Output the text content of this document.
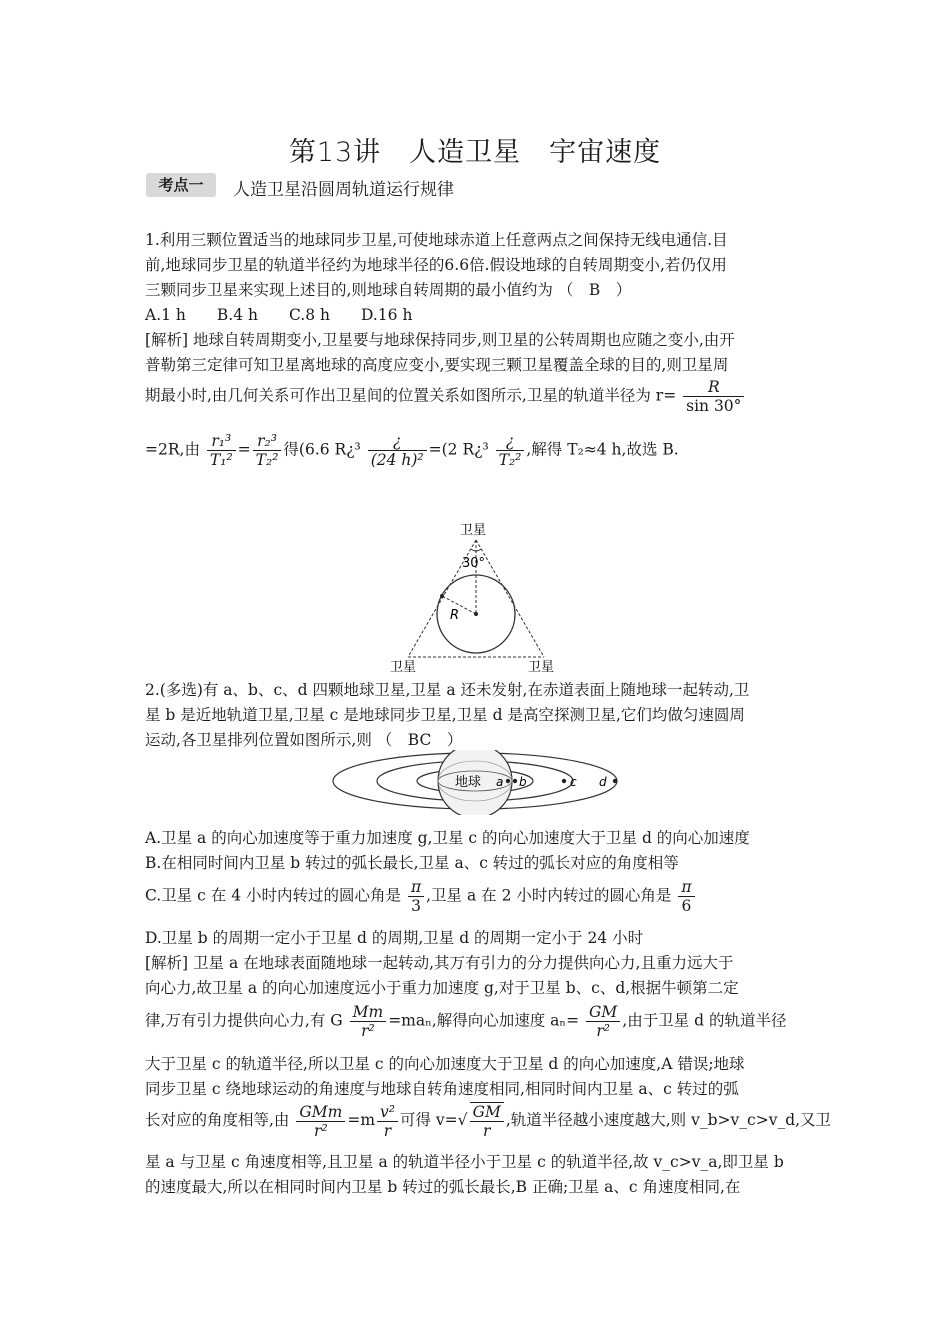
第13讲　人造卫星　宇宙速度
考点一	人造卫星沿圆周轨道运行规律
1.利用三颗位置适当的地球同步卫星,可使地球赤道上任意两点之间保持无线电通信.目
前,地球同步卫星的轨道半径约为地球半径的6.6倍.假设地球的自转周期变小,若仍仅用
三颗同步卫星来实现上述目的,则地球自转周期的最小值约为 （　B　）
A.1 h　　B.4 h　　C.8 h　　D.16 h
[解析] 地球自转周期变小,卫星要与地球保持同步,则卫星的公转周期也应随之变小,由开
普勒第三定律可知卫星离地球的高度应变小,要实现三颗卫星覆盖全球的目的,则卫星周
期最小时,由几何关系可作出卫星间的位置关系如图所示,卫星的轨道半径为 $r= \frac{R}{\sin 30^\circ}$
=2R,由 $\frac{\text{r₁³}}{\text{T₁²}} = \frac{\text{r₂³}}{\text{T₂²}}$ 得(6.6 R¿³ $\frac{¿}{\text{(24 h)²}} =(2$ R¿³ $\frac{¿}{\text{T₂²}}$ ,解得 T₂≈4 h,故选 B.
卫星
30°
R
卫星	卫星
2.(多选)有 a、b、c、d 四颗地球卫星,卫星 a 还未发射,在赤道表面上随地球一起转动,卫
星 b 是近地轨道卫星,卫星 c 是地球同步卫星,卫星 d 是高空探测卫星,它们均做匀速圆周
运动,各卫星排列位置如图所示,则 （　BC　）
地球 a b	c d
A.卫星 a 的向心加速度等于重力加速度 g,卫星 c 的向心加速度大于卫星 d 的向心加速度
B.在相同时间内卫星 b 转过的弧长最长,卫星 a、c 转过的弧长对应的角度相等
C.卫星 c 在 4 小时内转过的圆心角是 $\frac{\pi}{3}$ ,卫星 a 在 2 小时内转过的圆心角是 $\frac{\pi}{6}$
D.卫星 b 的周期一定小于卫星 d 的周期,卫星 d 的周期一定小于 24 小时
[解析] 卫星 a 在地球表面随地球一起转动,其万有引力的分力提供向心力,且重力远大于
向心力,故卫星 a 的向心加速度远小于重力加速度 g,对于卫星 b、c、d,根据牛顿第二定
律,万有引力提供向心力,有 G $\frac{Mm}{\text{r²}} =ma_n$,解得向心加速度 $a_n= \frac{GM}{\text{r²}}$ ,由于卫星 d 的轨道半径
大于卫星 c 的轨道半径,所以卫星 c 的向心加速度大于卫星 d 的向心加速度,A 错误;地球
同步卫星 c 绕地球运动的角速度与地球自转角速度相同,相同时间内卫星 a、c 转过的弧
长对应的角度相等,由 $\frac{\text{GMm}}{\text{r²}} =m \frac{\text{v²}}{r}$ 可得 $v=√ \frac{GM}{r}$ ,轨道半径越小速度越大,则 v_b>v_c>v_d,又卫
星 a 与卫星 c 角速度相等,且卫星 a 的轨道半径小于卫星 c 的轨道半径,故 v_c>v_a,即卫星 b
的速度最大,所以在相同时间内卫星 b 转过的弧长最长,B 正确;卫星 a、c 角速度相同,在
